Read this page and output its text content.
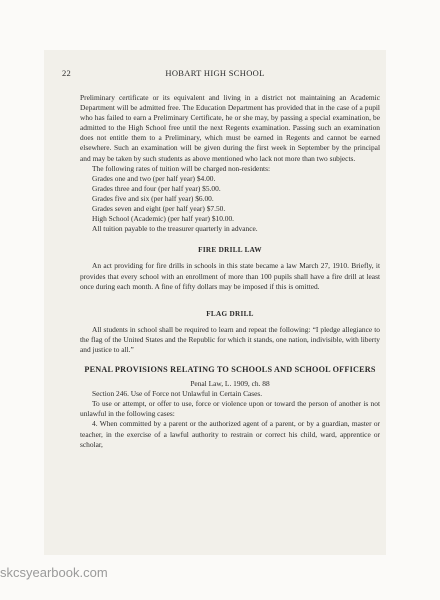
22	HOBART HIGH SCHOOL

Preliminary certificate or its equivalent and living in a district not maintaining an Academic Department will be admitted free. The Education Department has provided that in the case of a pupil who has failed to earn a Preliminary Certificate, he or she may, by passing a special examination, be admitted to the High School free until the next Regents examination. Passing such an examination does not entitle them to a Preliminary, which must be earned in Regents and cannot be earned elsewhere. Such an examination will be given during the first week in September by the principal and may be taken by such students as above mentioned who lack not more than two subjects.

The following rates of tuition will be charged non-residents:

Grades one and two (per half year) $4.00.

Grades three and four (per half year) $5.00.

Grades five and six (per half year) $6.00.

Grades seven and eight (per half year) $7.50.

High School (Academic) (per half year) $10.00.

All tuition payable to the treasurer quarterly in advance.

FIRE DRILL LAW

An act providing for fire drills in schools in this state became a law March 27, 1910. Briefly, it provides that every school with an enrollment of more than 100 pupils shall have a fire drill at least once during each month. A fine of fifty dollars may be imposed if this is omitted.

FLAG DRILL

All students in school shall be required to learn and repeat the following: “I pledge allegiance to the flag of the United States and the Republic for which it stands, one nation, indivisible, with liberty and justice to all.”

PENAL PROVISIONS RELATING TO SCHOOLS AND SCHOOL OFFICERS

Penal Law, L. 1909, ch. 88

Section 246. Use of Force not Unlawful in Certain Cases.

To use or attempt, or offer to use, force or violence upon or toward the person of another is not unlawful in the following cases:

4. When committed by a parent or the authorized agent of a parent, or by a guardian, master or teacher, in the exercise of a lawful authority to restrain or correct his child, ward, apprentice or scholar,

skcsyearbook.com
